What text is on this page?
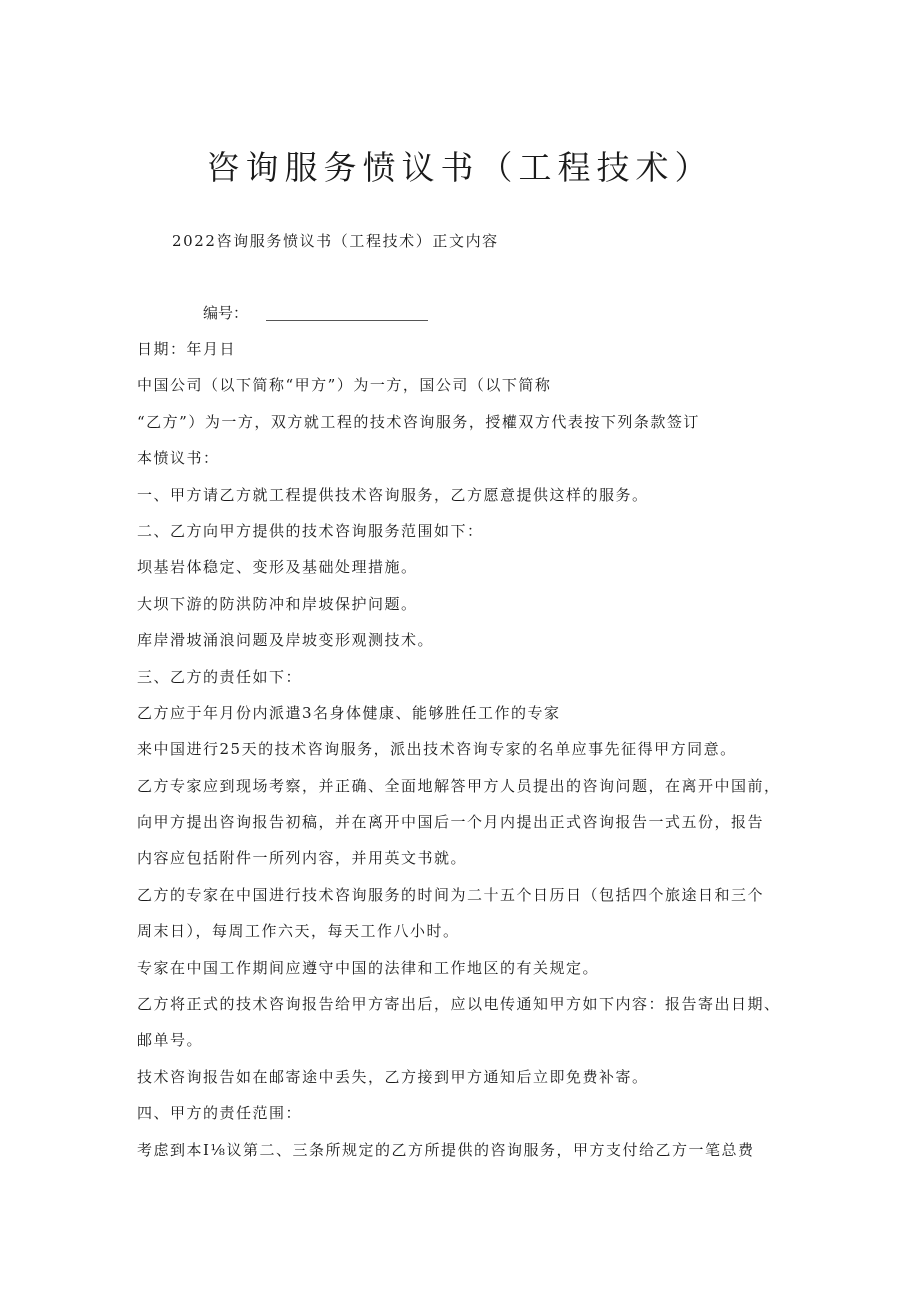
咨询服务愤议书（工程技术）
2022咨询服务愤议书（工程技术）正文内容
编号：
日期：年月日
中国公司（以下简称“甲方”）为一方，国公司（以下简称
“乙方”）为一方，双方就工程的技术咨询服务，授權双方代表按下列条款签订
本愤议书：
一、甲方请乙方就工程提供技术咨询服务，乙方愿意提供这样的服务。
二、乙方向甲方提供的技术咨询服务范围如下：
坝基岩体稳定、变形及基础处理措施。
大坝下游的防洪防冲和岸坡保护问题。
库岸滑坡涌浪问题及岸坡变形观测技术。
三、乙方的责任如下：
乙方应于年月份内派遣3名身体健康、能够胜任工作的专家
来中国进行25天的技术咨询服务，派出技术咨询专家的名单应事先征得甲方同意。
乙方专家应到现场考察，并正确、全面地解答甲方人员提出的咨询问题，在离开中国前，
向甲方提出咨询报告初稿，并在离开中国后一个月内提出正式咨询报告一式五份，报告
内容应包括附件一所列内容，并用英文书就。
乙方的专家在中国进行技术咨询服务的时间为二十五个日历日（包括四个旅途日和三个
周末日），每周工作六天，每天工作八小时。
专家在中国工作期间应遵守中国的法律和工作地区的有关规定。
乙方将正式的技术咨询报告给甲方寄出后，应以电传通知甲方如下内容：报告寄出日期、
邮单号。
技术咨询报告如在邮寄途中丢失，乙方接到甲方通知后立即免费补寄。
四、甲方的责任范围：
考虑到本I⅛议第二、三条所规定的乙方所提供的咨询服务，甲方支付给乙方一笔总费
